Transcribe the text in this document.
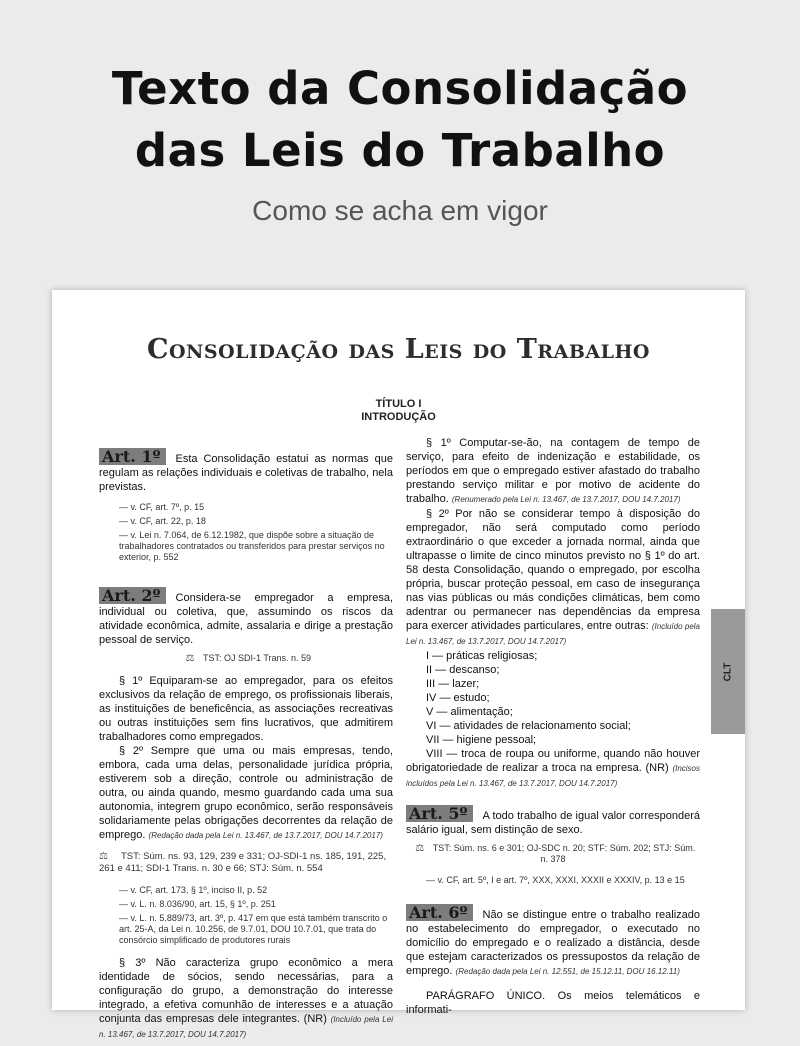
Texto da Consolidação
das Leis do Trabalho
Como se acha em vigor
Consolidação das Leis do Trabalho
TÍTULO I
INTRODUÇÃO

Art. 1º Esta Consolidação estatui as normas que regulam as relações individuais e coletivas de trabalho, nela previstas.

— v. CF, art. 7º, p. 15
— v. CF, art. 22, p. 18
— v. Lei n. 7.064, de 6.12.1982, que dispõe sobre a situação de trabalhadores contratados ou transferidos para prestar serviços no exterior, p. 552

Art. 2º Considera-se empregador a empresa, individual ou coletiva, que, assumindo os riscos da atividade econômica, admite, assalaria e dirige a prestação pessoal de serviço.

⚖ TST: OJ SDI-1 Trans. n. 59

§ 1º Equiparam-se ao empregador, para os efeitos exclusivos da relação de emprego, os profissionais liberais, as instituições de beneficência, as associações recreativas ou outras instituições sem fins lucrativos, que admitirem trabalhadores como empregados.

§ 2º Sempre que uma ou mais empresas, tendo, embora, cada uma delas, personalidade jurídica própria, estiverem sob a direção, controle ou administração de outra, ou ainda quando, mesmo guardando cada uma sua autonomia, integrem grupo econômico, serão responsáveis solidariamente pelas obrigações decorrentes da relação de emprego. (Redação dada pela Lei n. 13.467, de 13.7.2017, DOU 14.7.2017)

⚖ TST: Súm. ns. 93, 129, 239 e 331; OJ-SDI-1 ns. 185, 191, 225, 261 e 411; SDI-1 Trans. n. 30 e 66; STJ: Súm. n. 554
— v. CF, art. 173, § 1º, inciso II, p. 52
— v. L. n. 8.036/90, art. 15, § 1º, p. 251
— v. L. n. 5.889/73, art. 3º, p. 417 em que está também transcrito o art. 25-A, da Lei n. 10.256, de 9.7.01, DOU 10.7.01, que trata do consórcio simplificado de produtores rurais

§ 3º Não caracteriza grupo econômico a mera identidade de sócios, sendo necessárias, para a configuração do grupo, a demonstração do interesse integrado, a efetiva comunhão de interesses e a atuação conjunta das empresas dele integrantes. (NR) (Incluído pela Lei n. 13.467, de 13.7.2017, DOU 14.7.2017)

§ 1º Computar-se-ão, na contagem de tempo de serviço, para efeito de indenização e estabilidade, os períodos em que o empregado estiver afastado do trabalho prestando serviço militar e por motivo de acidente do trabalho. (Renumerado pela Lei n. 13.467, de 13.7.2017, DOU 14.7.2017)

§ 2º Por não se considerar tempo à disposição do empregador, não será computado como período extraordinário o que exceder a jornada normal, ainda que ultrapasse o limite de cinco minutos previsto no § 1º do art. 58 desta Consolidação, quando o empregado, por escolha própria, buscar proteção pessoal, em caso de insegurança nas vias públicas ou más condições climáticas, bem como adentrar ou permanecer nas dependências da empresa para exercer atividades particulares, entre outras: (Incluído pela Lei n. 13.467, de 13.7.2017, DOU 14.7.2017)

I — práticas religiosas;
II — descanso;
III — lazer;
IV — estudo;
V — alimentação;
VI — atividades de relacionamento social;
VII — higiene pessoal;

VIII — troca de roupa ou uniforme, quando não houver obrigatoriedade de realizar a troca na empresa. (NR) (Incisos incluídos pela Lei n. 13.467, de 13.7.2017, DOU 14.7.2017)

Art. 5º A todo trabalho de igual valor corresponderá salário igual, sem distinção de sexo.

⚖ TST: Súm. ns. 6 e 301; OJ-SDC n. 20; STF: Súm. 202; STJ: Súm. n. 378
— v. CF, art. 5º, I e art. 7º, XXX, XXXI, XXXII e XXXIV, p. 13 e 15

Art. 6º Não se distingue entre o trabalho realizado no estabelecimento do empregador, o executado no domicílio do empregado e o realizado a distância, desde que estejam caracterizados os pressupostos da relação de emprego. (Redação dada pela Lei n. 12.551, de 15.12.11, DOU 16.12.11)

PARÁGRAFO ÚNICO. Os meios telemáticos e informati-

CLT
